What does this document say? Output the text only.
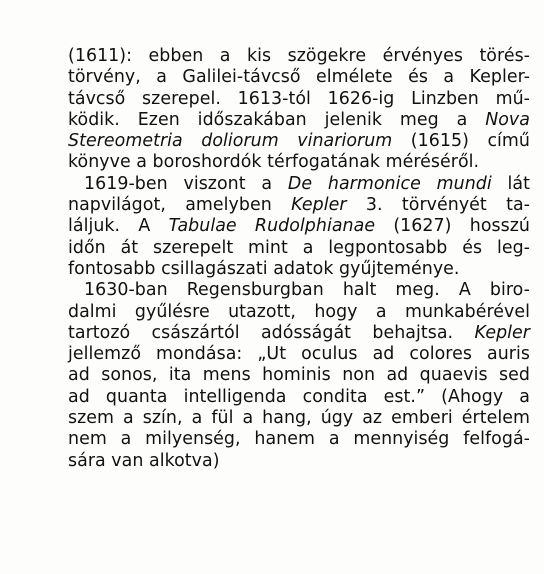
(1611): ebben a kis szögekre érvényes törés-
törvény, a Galilei-távcső elmélete és a Kepler-
távcső szerepel. 1613-tól 1626-ig Linzben mű-
ködik. Ezen időszakában jelenik meg a Nova
Stereometria doliorum vinariorum (1615) című
könyve a boroshordók térfogatának méréséről.
1619-ben viszont a De harmonice mundi lát
napvilágot, amelyben Kepler 3. törvényét ta-
láljuk. A Tabulae Rudolphianae (1627) hosszú
időn át szerepelt mint a legpontosabb és leg-
fontosabb csillagászati adatok gyűjteménye.
1630-ban Regensburgban halt meg. A biro-
dalmi gyűlésre utazott, hogy a munkabérével
tartozó császártól adósságát behajtsa. Kepler
jellemző mondása: „Ut oculus ad colores auris
ad sonos, ita mens hominis non ad quaevis sed
ad quanta intelligenda condita est.” (Ahogy a
szem a szín, a fül a hang, úgy az emberi értelem
nem a milyenség, hanem a mennyiség felfogá-
sára van alkotva)
